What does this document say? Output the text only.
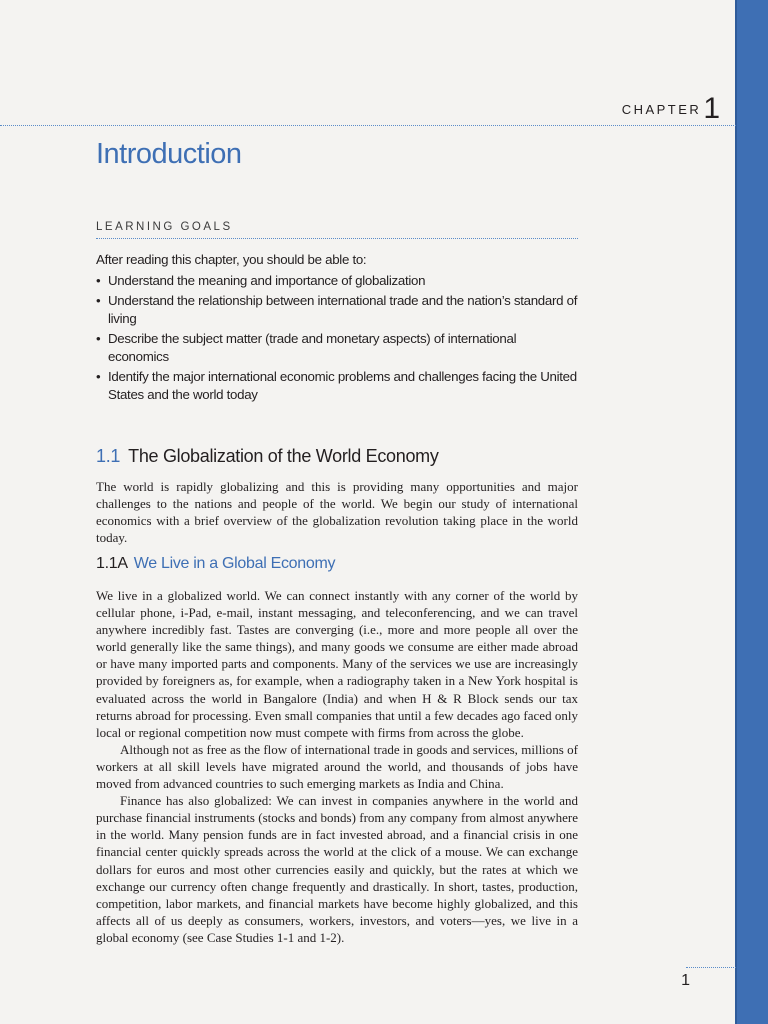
CHAPTER1
Introduction
LEARNING GOALS
After reading this chapter, you should be able to:
• Understand the meaning and importance of globalization
• Understand the relationship between international trade and the nation’s standard of living
• Describe the subject matter (trade and monetary aspects) of international economics
• Identify the major international economic problems and challenges facing the United States and the world today
1.1 The Globalization of the World Economy

The world is rapidly globalizing and this is providing many opportunities and major challenges to the nations and people of the world. We begin our study of international economics with a brief overview of the globalization revolution taking place in the world today.

1.1A We Live in a Global Economy

We live in a globalized world. We can connect instantly with any corner of the world by cellular phone, i-Pad, e-mail, instant messaging, and teleconferencing, and we can travel anywhere incredibly fast. Tastes are converging (i.e., more and more people all over the world generally like the same things), and many goods we consume are either made abroad or have many imported parts and components. Many of the services we use are increasingly provided by foreigners as, for example, when a radiography taken in a New York hospital is evaluated across the world in Bangalore (India) and when H & R Block sends our tax returns abroad for processing. Even small companies that until a few decades ago faced only local or regional competition now must compete with firms from across the globe.

Although not as free as the flow of international trade in goods and services, millions of workers at all skill levels have migrated around the world, and thousands of jobs have moved from advanced countries to such emerging markets as India and China.

Finance has also globalized: We can invest in companies anywhere in the world and purchase financial instruments (stocks and bonds) from any company from almost anywhere in the world. Many pension funds are in fact invested abroad, and a financial crisis in one financial center quickly spreads across the world at the click of a mouse. We can exchange dollars for euros and most other currencies easily and quickly, but the rates at which we exchange our currency often change frequently and drastically. In short, tastes, production, competition, labor markets, and financial markets have become highly globalized, and this affects all of us deeply as consumers, workers, investors, and voters—yes, we live in a global economy (see Case Studies 1-1 and 1-2).

1
